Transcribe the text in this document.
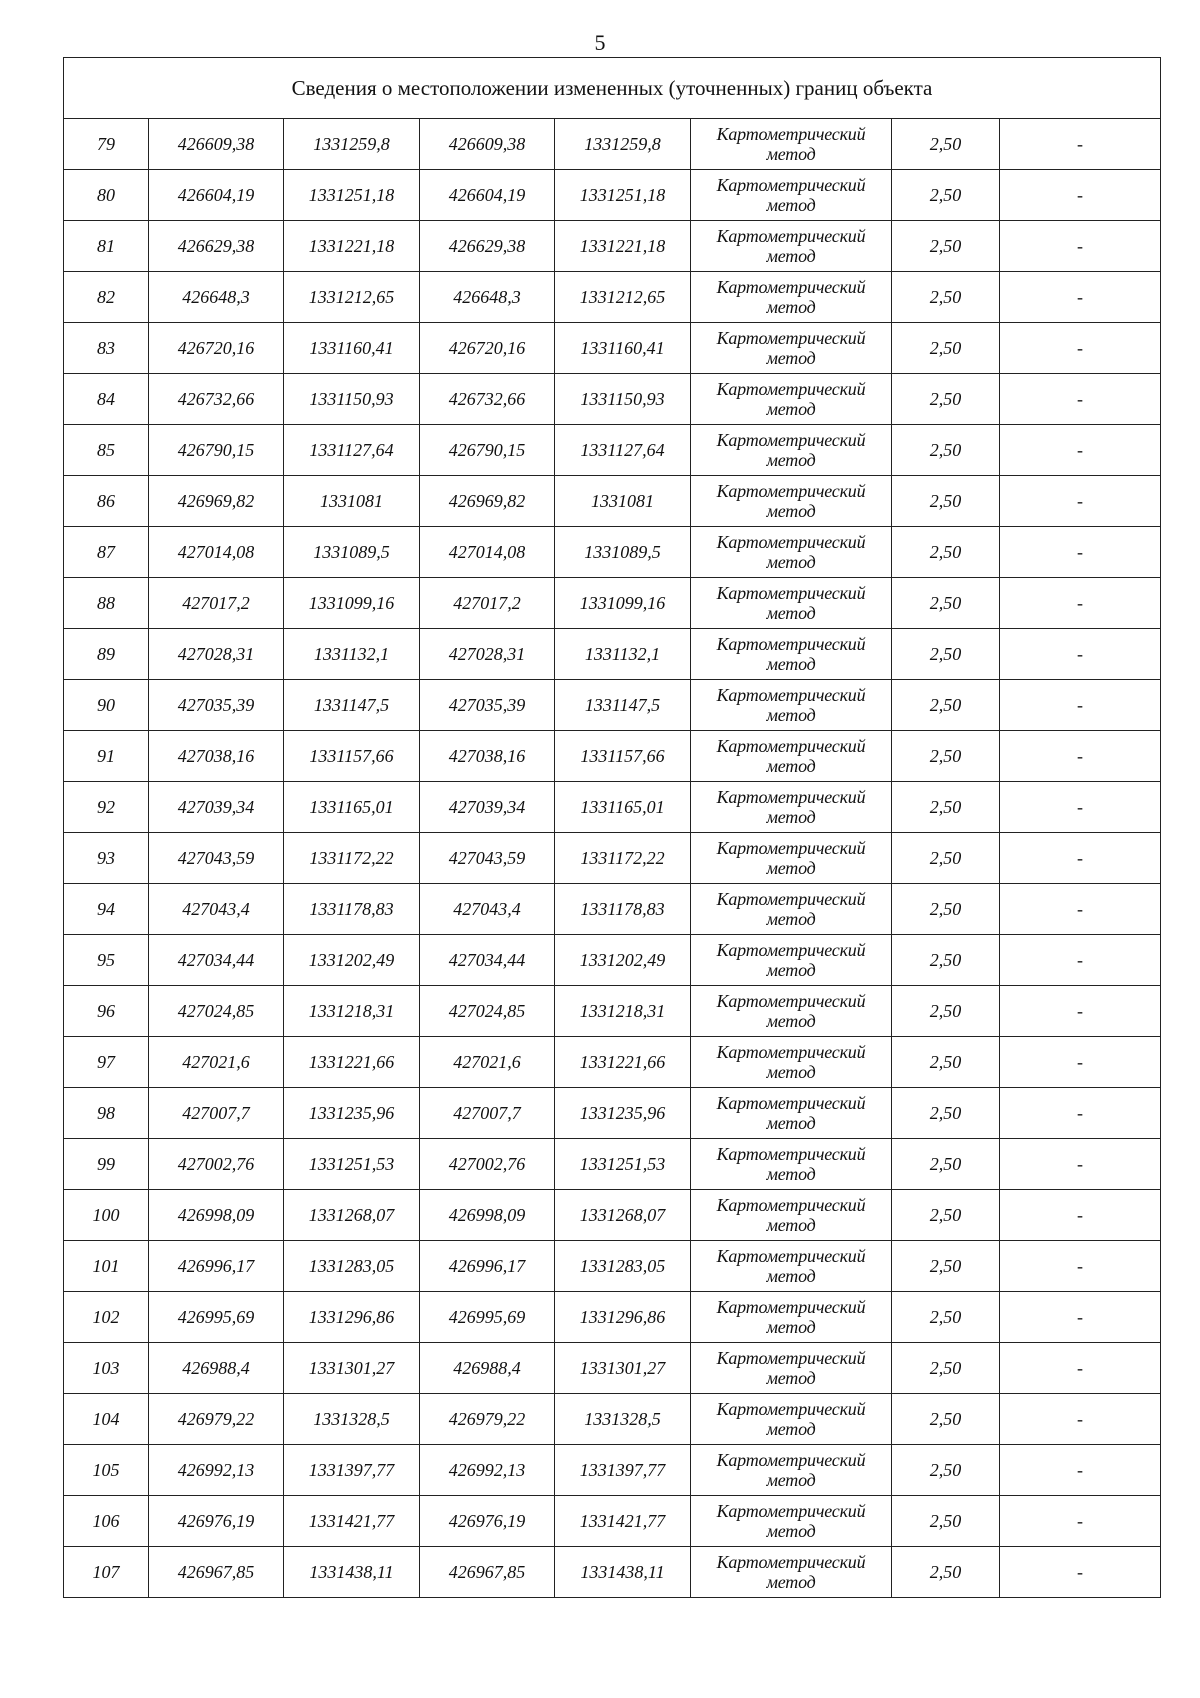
5
Сведения о местоположении измененных (уточненных) границ объекта							
79	426609,38	1331259,8	426609,38	1331259,8	Картометрический метод	2,50	-
80	426604,19	1331251,18	426604,19	1331251,18	Картометрический метод	2,50	-
81	426629,38	1331221,18	426629,38	1331221,18	Картометрический метод	2,50	-
82	426648,3	1331212,65	426648,3	1331212,65	Картометрический метод	2,50	-
83	426720,16	1331160,41	426720,16	1331160,41	Картометрический метод	2,50	-
84	426732,66	1331150,93	426732,66	1331150,93	Картометрический метод	2,50	-
85	426790,15	1331127,64	426790,15	1331127,64	Картометрический метод	2,50	-
86	426969,82	1331081	426969,82	1331081	Картометрический метод	2,50	-
87	427014,08	1331089,5	427014,08	1331089,5	Картометрический метод	2,50	-
88	427017,2	1331099,16	427017,2	1331099,16	Картометрический метод	2,50	-
89	427028,31	1331132,1	427028,31	1331132,1	Картометрический метод	2,50	-
90	427035,39	1331147,5	427035,39	1331147,5	Картометрический метод	2,50	-
91	427038,16	1331157,66	427038,16	1331157,66	Картометрический метод	2,50	-
92	427039,34	1331165,01	427039,34	1331165,01	Картометрический метод	2,50	-
93	427043,59	1331172,22	427043,59	1331172,22	Картометрический метод	2,50	-
94	427043,4	1331178,83	427043,4	1331178,83	Картометрический метод	2,50	-
95	427034,44	1331202,49	427034,44	1331202,49	Картометрический метод	2,50	-
96	427024,85	1331218,31	427024,85	1331218,31	Картометрический метод	2,50	-
97	427021,6	1331221,66	427021,6	1331221,66	Картометрический метод	2,50	-
98	427007,7	1331235,96	427007,7	1331235,96	Картометрический метод	2,50	-
99	427002,76	1331251,53	427002,76	1331251,53	Картометрический метод	2,50	-
100	426998,09	1331268,07	426998,09	1331268,07	Картометрический метод	2,50	-
101	426996,17	1331283,05	426996,17	1331283,05	Картометрический метод	2,50	-
102	426995,69	1331296,86	426995,69	1331296,86	Картометрический метод	2,50	-
103	426988,4	1331301,27	426988,4	1331301,27	Картометрический метод	2,50	-
104	426979,22	1331328,5	426979,22	1331328,5	Картометрический метод	2,50	-
105	426992,13	1331397,77	426992,13	1331397,77	Картометрический метод	2,50	-
106	426976,19	1331421,77	426976,19	1331421,77	Картометрический метод	2,50	-
107	426967,85	1331438,11	426967,85	1331438,11	Картометрический метод	2,50	-
